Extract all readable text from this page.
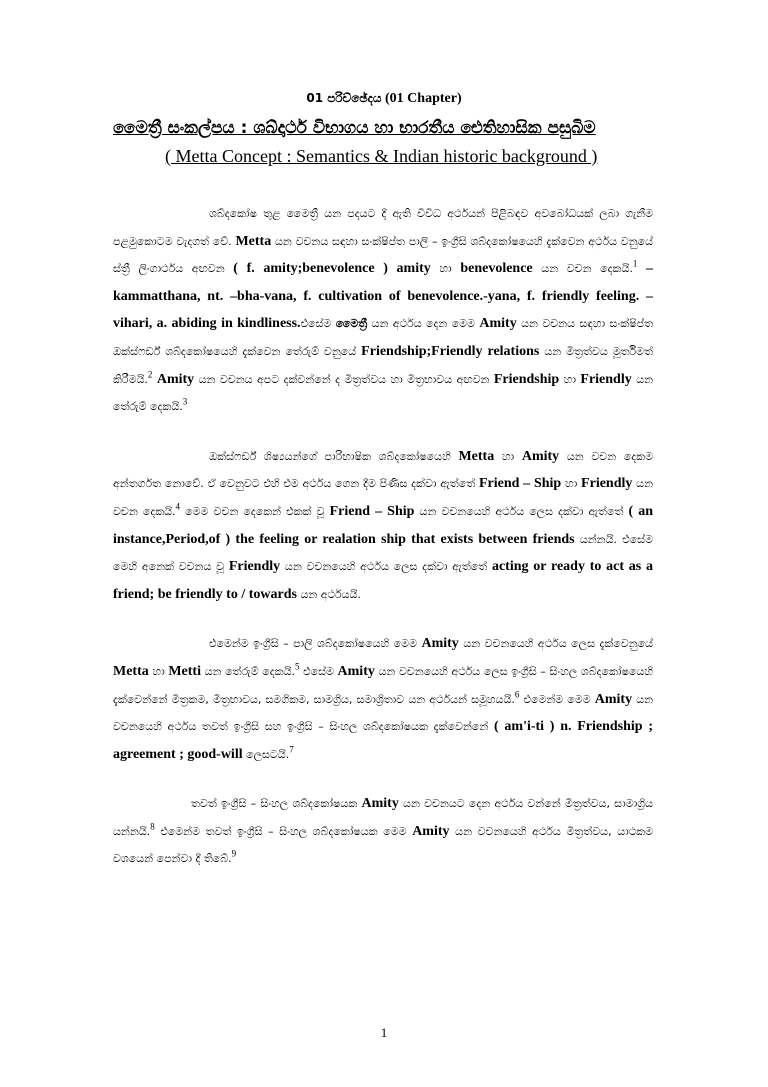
01 පරිච්ඡේදය (01 Chapter)
මෛත්‍රී සංකල්පය : ශබ්දාර්ථ විභාගය හා භාරතීය ඓතිහාසික පසුබිම
( Metta Concept : Semantics & Indian historic background )

ශබ්දකෝෂ තුළ මෛත්‍රී යන පදයට දී ඇති විවිධ අර්ථයන් පිළිබඳව අවබෝධයක් ලබා ගැනීම පළමුකොටම වැදගත් වේ. Metta යන වචනය සඳහා සංක්ෂිප්ත පාලි – ඉංග්‍රීසි ශබ්දකෝෂයෙහි දැක්වෙන අර්ථය වනුයේ ස්ත්‍රී ලිංගාර්ථය අඟවන ( f. amity;benevolence ) amity හා benevolence යන වචන දෙකයි.$^1$ –kammatthana, nt. –bha-vana, f. cultivation of benevolence.-yana, f. friendly feeling. –vihari, a. abiding in kindliness.එසේම මෛත්‍රී යන අර්ථය දෙන මෙම Amity යන වචනය සඳහා සංක්ෂිප්ත ඔක්ස්ෆර්ඩ් ශබ්දකෝෂයෙහි දැක්වෙන තේරුම් වනුයේ Friendship;Friendly relations යන මිත්‍රත්වය මූර්තිමත් කිරීමයි.$^2$ Amity යන වචනය අපට දක්වන්නේ ද මිත්‍රත්වය හා මිත්‍රභාවය අඟවන Friendship හා Friendly යන තේරුම් දෙකයි.$^3$

ඔක්ස්ෆර්ඩ් ශිෂ්‍යයන්ගේ පාරිභාෂික ශබ්දකෝෂයෙහි Metta හා Amity යන වචන දෙකම අන්තර්ගත නොවේ. ඒ වෙනුවට එහි එම අර්ථය ගෙන දීම පිණිස දක්වා ඇත්තේ Friend – Ship හා Friendly යන වචන දෙකයි.$^4$ මෙම වචන දෙකෙන් එකක් වූ Friend – Ship යන වචනයෙහි අර්ථය ලෙස දක්වා ඇත්තේ ( an instance,Period,of ) the feeling or realation ship that exists between friends යන්නයි. එසේම මෙහි අනෙක් වචනය වූ Friendly යන වචනයෙහි අර්ථය ලෙස දක්වා ඇත්තේ acting or ready to act as a friend; be friendly to / towards යන අර්ථයයි.

එමෙන්ම ඉංග්‍රීසි – පාලි ශබ්දකෝෂයෙහි මෙම Amity යන වචනයෙහි අර්ථය ලෙස දැක්වෙනුයේ Metta හා Metti යන තේරුම් දෙකයි.$^5$ එසේම Amity යන වචනයෙහි අර්ථය ලෙස ඉංග්‍රීසි – සිංහල ශබ්දකෝෂයෙහි දැක්වෙන්නේ මිත්‍රකම, මිත්‍රභාවය, සමගිකම, සාමග්‍රිය, සමාශ්‍රිතාව යන අර්ථයන් සමූහයයි.$^6$ එමෙන්ම මෙම Amity යන වචනයෙහි අර්ථය තවත් ඉංග්‍රීසි සහ ඉංග්‍රීසි – සිංහල ශබ්දකෝෂයක දැක්වෙන්නේ ( am'i-ti ) n. Friendship ; agreement ; good-will ලෙසටයි.$^7$

තවත් ඉංග්‍රීසි – සිංහල ශබ්දකෝෂයක Amity යන වචනයට දෙන අර්ථය වන්නේ මිත්‍රත්වය, සාමාග්‍රිය යන්නයි.$^8$ එමෙන්ම තවත් ඉංග්‍රීසි – සිංහල ශබ්දකෝෂයක මෙම Amity යන වචනයෙහි අර්ථය මිත්‍රත්වය, යාථකම වශයෙන් පෙන්වා දී තිබේ.$^9$

1
